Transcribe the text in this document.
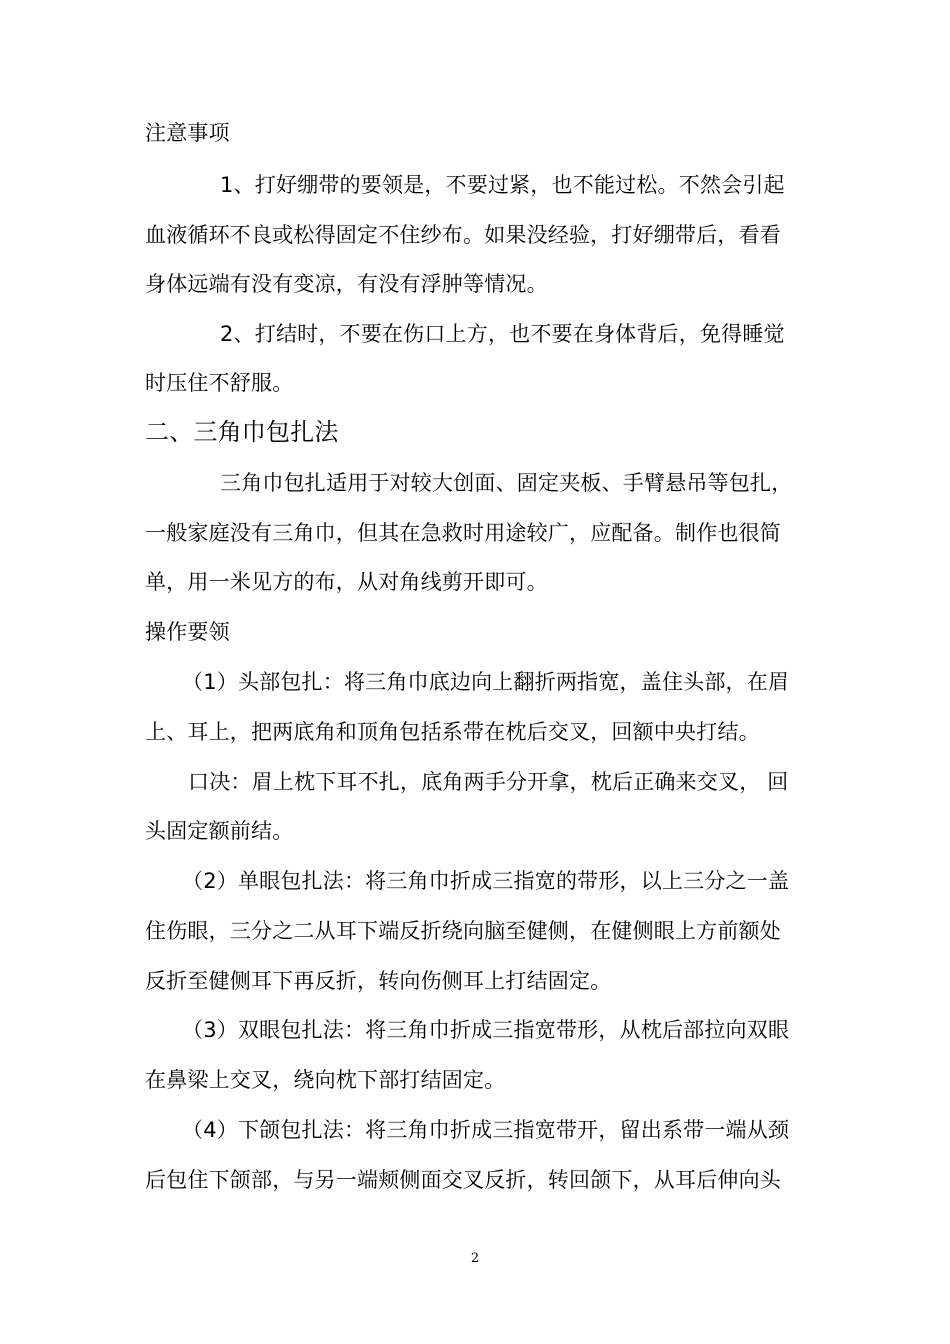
注意事项
1、打好绷带的要领是，不要过紧，也不能过松。不然会引起
血液循环不良或松得固定不住纱布。如果没经验，打好绷带后，看看
身体远端有没有变凉，有没有浮肿等情况。
2、打结时，不要在伤口上方，也不要在身体背后，免得睡觉
时压住不舒服。
二、三角巾包扎法
三角巾包扎适用于对较大创面、固定夹板、手臂悬吊等包扎，
一般家庭没有三角巾，但其在急救时用途较广，应配备。制作也很简
单，用一米见方的布，从对角线剪开即可。
操作要领
（1）头部包扎：将三角巾底边向上翻折两指宽，盖住头部，在眉
上、耳上，把两底角和顶角包括系带在枕后交叉，回额中央打结。
口决：眉上枕下耳不扎，底角两手分开拿，枕后正确来交叉， 回
头固定额前结。
（2）单眼包扎法：将三角巾折成三指宽的带形，以上三分之一盖
住伤眼，三分之二从耳下端反折绕向脑至健侧，在健侧眼上方前额处
反折至健侧耳下再反折，转向伤侧耳上打结固定。
（3）双眼包扎法：将三角巾折成三指宽带形，从枕后部拉向双眼
在鼻梁上交叉，绕向枕下部打结固定。
（4）下颌包扎法：将三角巾折成三指宽带开，留出系带一端从颈
后包住下颌部，与另一端颊侧面交叉反折，转回颌下，从耳后伸向头
2
